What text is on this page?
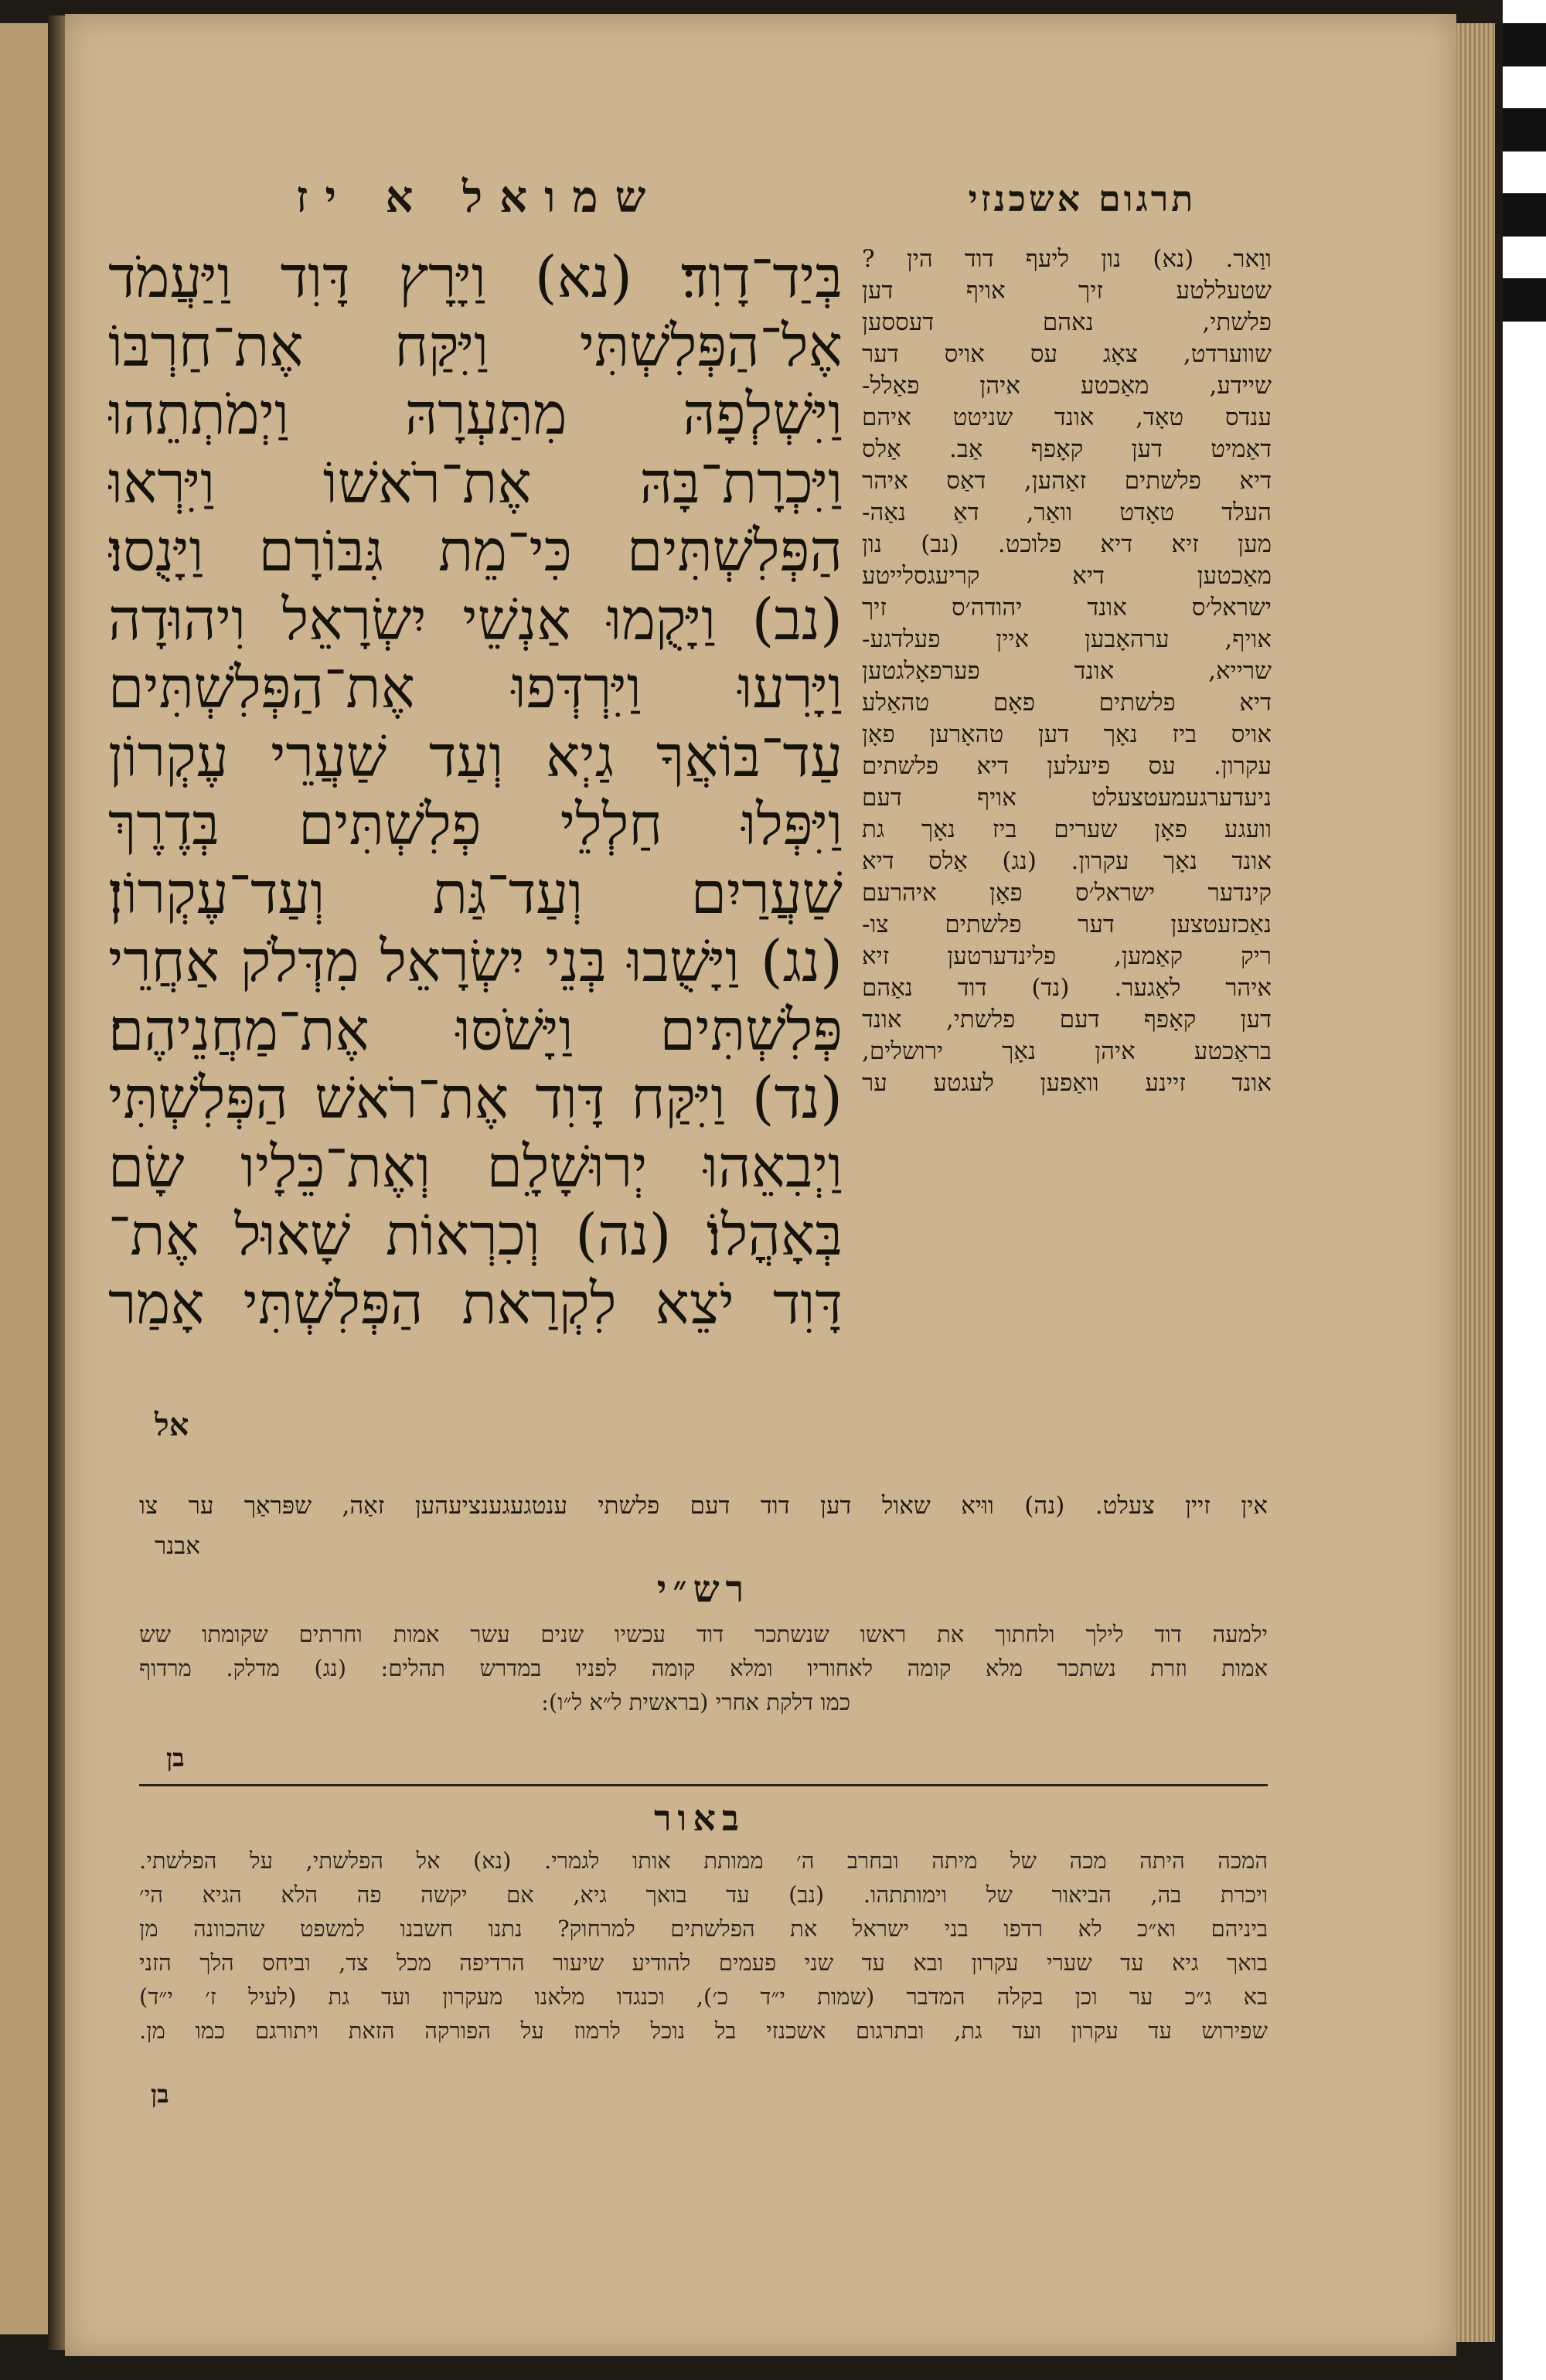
תרגום אשכנזי
שמואל א יז
בְּיַד־דָוִד׃ (נא) וַיָּרָץ דָּוִד וַיַּעֲמֹד
אֶל־הַפְּלִשְׁתִּי וַיִּקַּח אֶת־חַרְבּוֹ
וַיִּשְׁלְפָהּ מִתַּעְרָהּ וַיְמֹתְתֵהוּ
וַיִּכְרָת־בָּהּ אֶת־רֹאשׁוֹ וַיִּרְאוּ
הַפְּלִשְׁתִּים כִּי־מֵת גִּבּוֹרָם וַיָּנֻסוּ׃
(נב) וַיָּקֻמוּ אַנְשֵׁי יִשְׂרָאֵל וִיהוּדָה
וַיָּרִעוּ וַיִּרְדְּפוּ אֶת־הַפְּלִשְׁתִּים
עַד־בּוֹאֲךָ גַיְא וְעַד שַׁעֲרֵי עֶקְרוֹן
וַיִּפְּלוּ חַלְלֵי פְלִשְׁתִּים בְּדֶרֶךְ
שַׁעֲרַיִם וְעַד־גַּת וְעַד־עֶקְרוֹן׃
(נג) וַיָּשֻׁבוּ בְּנֵי יִשְׂרָאֵל מִדְּלֹק אַחֲרֵי
פְּלִשְׁתִּים וַיָּשֹׁסּוּ אֶת־מַחֲנֵיהֶם׃
(נד) וַיִּקַּח דָּוִד אֶת־רֹאשׁ הַפְּלִשְׁתִּי
וַיְבִאֵהוּ יְרוּשָׁלִָם וְאֶת־כֵּלָיו שָׂם
בְּאָהֳלוֹ׃ (נה) וְכִרְאוֹת שָׁאוּל אֶת־
דָּוִד יֹצֵא לִקְרַאת הַפְּלִשְׁתִּי אָמַר
אל
ווַאר. (נא) נון ליעף דוד הין ?
שטעללטע זיך אויף דען
פלשתי, נאהם דעססען
שווערדט, צאָג עס אויס דער
שיידע, מאַכטע איהן פאַלל-
ענדס טאָד, אונד שניטט איהם
דאַמיט דען קאָפף אַב. אַלס
דיא פלשתים זאַהען, דאַס איהר
העלד טאָדט וואַר, דאַ נאַה-
מען זיא דיא פלוכט. (נב) נון
מאַכטען דיא קריעגסלייטע
ישראל׳ס אונד יהודה׳ס זיך
אויף, ערהאָבען איין פעלדגע-
שרייא, אונד פערפאָלגטען
דיא פלשתים פאָם טהאַלע
אויס ביז נאָך דען טהאָרען פאָן
עקרון. עס פיעלען דיא פלשתים
ניעדערגעמעטצעלט אויף דעם
וועגע פאָן שערים ביז נאָך גת
אונד נאָך עקרון. (נג) אַלס דיא
קינדער ישראל׳ס פאָן איהרעם
נאַכזעטצען דער פלשתים צו-
ריק קאַמען, פלינדערטען זיא
איהר לאַגער. (נד) דוד נאַהם
דען קאָפף דעם פלשתי, אונד
בראַכטע איהן נאָך ירושלים,
אונד זיינע וואַפען לעגטע ער
אין זיין צעלט. (נה) ווּיא שאול דען דוד דעם פלשתי ענטגעגענציעהען זאַה, שפּראַך ער צו
אבנר
רש״י
ילמעה דוד לילך ולחתוך את ראשו שנשתכר דוד עכשיו שנים עשר אמות וחרתים שקומתו שש
אמות וזרת נשתכר מלא קומה לאחוריו ומלא קומה לפניו במדרש תהלים: (נג) מדלק. מרדוף
כמו דלקת אחרי (בראשית ל״א ל״ו):
בן
באור
המכה היתה מכה של מיתה ובחרב ה׳ ממותת אותו לגמרי. (נא) אל הפלשתי, על הפלשתי.
ויכרת בה, הביאור של וימותתהו. (נב) עד בואך גיא, אם יקשה פה הלא הגיא הי׳
ביניהם וא״כ לא רדפו בני ישראל את הפלשתים למרחוק? נתנו חשבנו למשפט שהכוונה מן
בואך גיא עד שערי עקרון ובא עד שני פעמים להודיע שיעור הרדיפה מכל צד, וביחס הלך הזני
בא ג״כ ער וכן בקלה המדבר (שמות י״ד כ׳), וכנגדו מלאנו מעקרון ועד גת (לעיל ז׳ י״ד)
שפירוש עד עקרון ועד גת, ובתרגום אשכנזי בל נוכל לרמוז על הפורקה הזאת ויתורגם כמו מן.
בן
